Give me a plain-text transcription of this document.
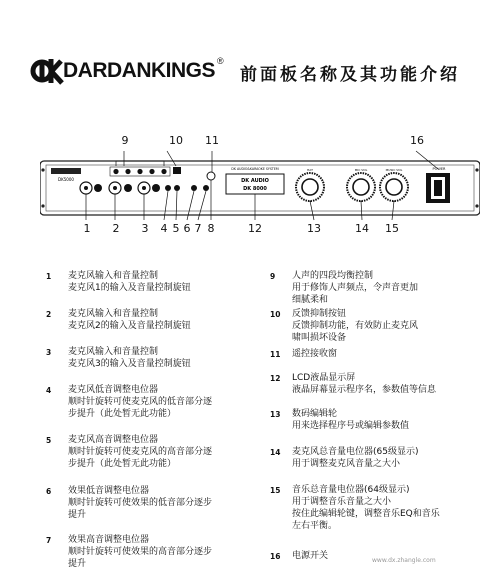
DARDANKINGS ®
前面板名称及其功能介绍
DK5000
DK AUDIO&KARAOKE SYSTEM
DK AUDIO
DK 8000
HAT	MIC VOL	MUSIC VOL	POWER
9	10 11	16
1 2 3 4 5 6 7 8	12	13	14 15
1	麦克风输入和音量控制
麦克风1的输入及音量控制旋钮
2	麦克风输入和音量控制
麦克风2的输入及音量控制旋钮
3	麦克风输入和音量控制
麦克风3的输入及音量控制旋钮
4	麦克风低音调整电位器
顺时针旋转可使麦克风的低音部分逐
步提升（此处暂无此功能）
5	麦克风高音调整电位器
顺时针旋转可使麦克风的高音部分逐
步提升（此处暂无此功能）
6	效果低音调整电位器
顺时针旋转可使效果的低音部分逐步
提升
7	效果高音调整电位器
顺时针旋转可使效果的高音部分逐步
提升
9	人声的四段均衡控制
用于修饰人声频点，令声音更加
细腻柔和
10	反馈抑制按钮
反馈抑制功能，有效防止麦克风
啸叫损坏设备
11	遥控接收窗
12	LCD液晶显示屏
液晶屏幕显示程序名，参数值等信息
13	数码编辑轮
用来选择程序号或编辑参数值
14	麦克风总音量电位器(65级显示)
用于调整麦克风音量之大小
15	音乐总音量电位器(64级显示)
用于调整音乐音量之大小
按住此编辑轮键，调整音乐EQ和音乐
左右平衡。
16	电源开关	www.dx.zhangle.com
